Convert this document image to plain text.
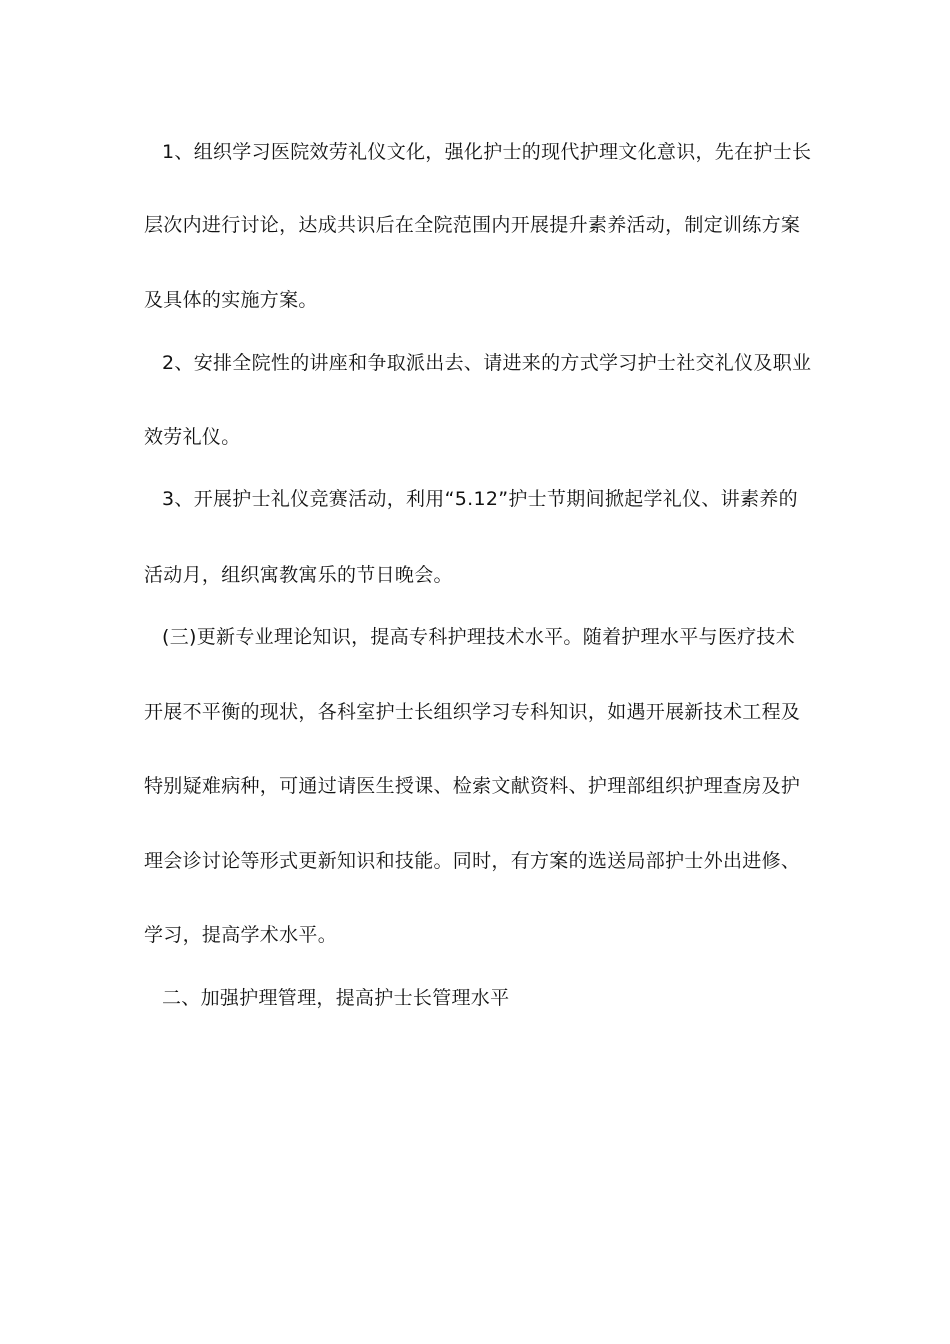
1、组织学习医院效劳礼仪文化，强化护士的现代护理文化意识，先在护士长
层次内进行讨论，达成共识后在全院范围内开展提升素养活动，制定训练方案
及具体的实施方案。
2、安排全院性的讲座和争取派出去、请进来的方式学习护士社交礼仪及职业
效劳礼仪。
3、开展护士礼仪竞赛活动，利用“5.12”护士节期间掀起学礼仪、讲素养的
活动月，组织寓教寓乐的节日晚会。
(三)更新专业理论知识，提高专科护理技术水平。随着护理水平与医疗技术
开展不平衡的现状，各科室护士长组织学习专科知识，如遇开展新技术工程及
特别疑难病种，可通过请医生授课、检索文献资料、护理部组织护理查房及护
理会诊讨论等形式更新知识和技能。同时，有方案的选送局部护士外出进修、
学习，提高学术水平。
二、加强护理管理，提高护士长管理水平
